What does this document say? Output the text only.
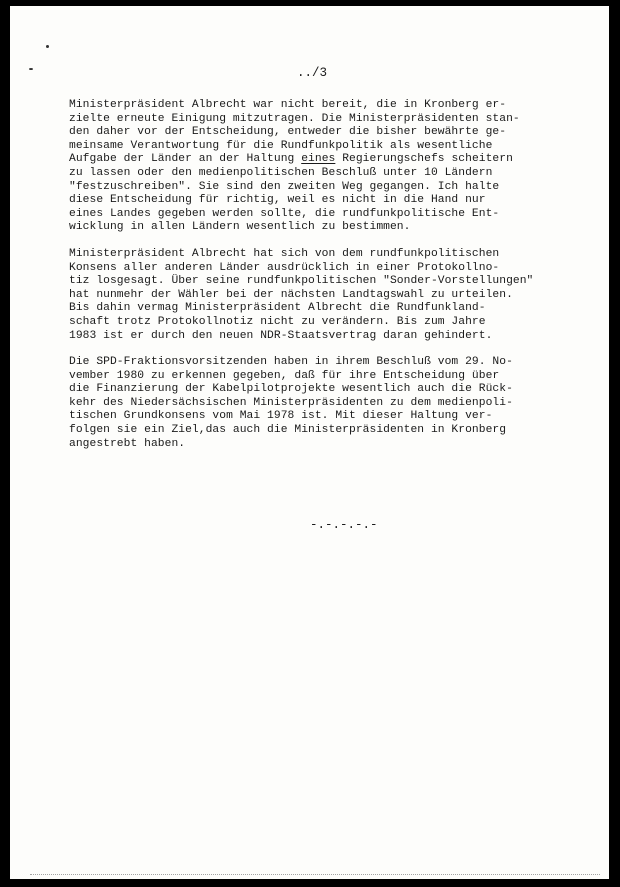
../3
Ministerpräsident Albrecht war nicht bereit, die in Kronberg er-
zielte erneute Einigung mitzutragen. Die Ministerpräsidenten stan-
den daher vor der Entscheidung, entweder die bisher bewährte ge-
meinsame Verantwortung für die Rundfunkpolitik als wesentliche
Aufgabe der Länder an der Haltung eines Regierungschefs scheitern
zu lassen oder den medienpolitischen Beschluß unter 10 Ländern
"festzuschreiben". Sie sind den zweiten Weg gegangen. Ich halte
diese Entscheidung für richtig, weil es nicht in die Hand nur
eines Landes gegeben werden sollte, die rundfunkpolitische Ent-
wicklung in allen Ländern wesentlich zu bestimmen.
Ministerpräsident Albrecht hat sich von dem rundfunkpolitischen
Konsens aller anderen Länder ausdrücklich in einer Protokollno-
tiz losgesagt. Über seine rundfunkpolitischen "Sonder-Vorstellungen"
hat nunmehr der Wähler bei der nächsten Landtagswahl zu urteilen.
Bis dahin vermag Ministerpräsident Albrecht die Rundfunkland-
schaft trotz Protokollnotiz nicht zu verändern. Bis zum Jahre
1983 ist er durch den neuen NDR-Staatsvertrag daran gehindert.
Die SPD-Fraktionsvorsitzenden haben in ihrem Beschluß vom 29. No-
vember 1980 zu erkennen gegeben, daß für ihre Entscheidung über
die Finanzierung der Kabelpilotprojekte wesentlich auch die Rück-
kehr des Niedersächsischen Ministerpräsidenten zu dem medienpoli-
tischen Grundkonsens vom Mai 1978 ist. Mit dieser Haltung ver-
folgen sie ein Ziel,das auch die Ministerpräsidenten in Kronberg
angestrebt haben.
-.-.-.-.-
